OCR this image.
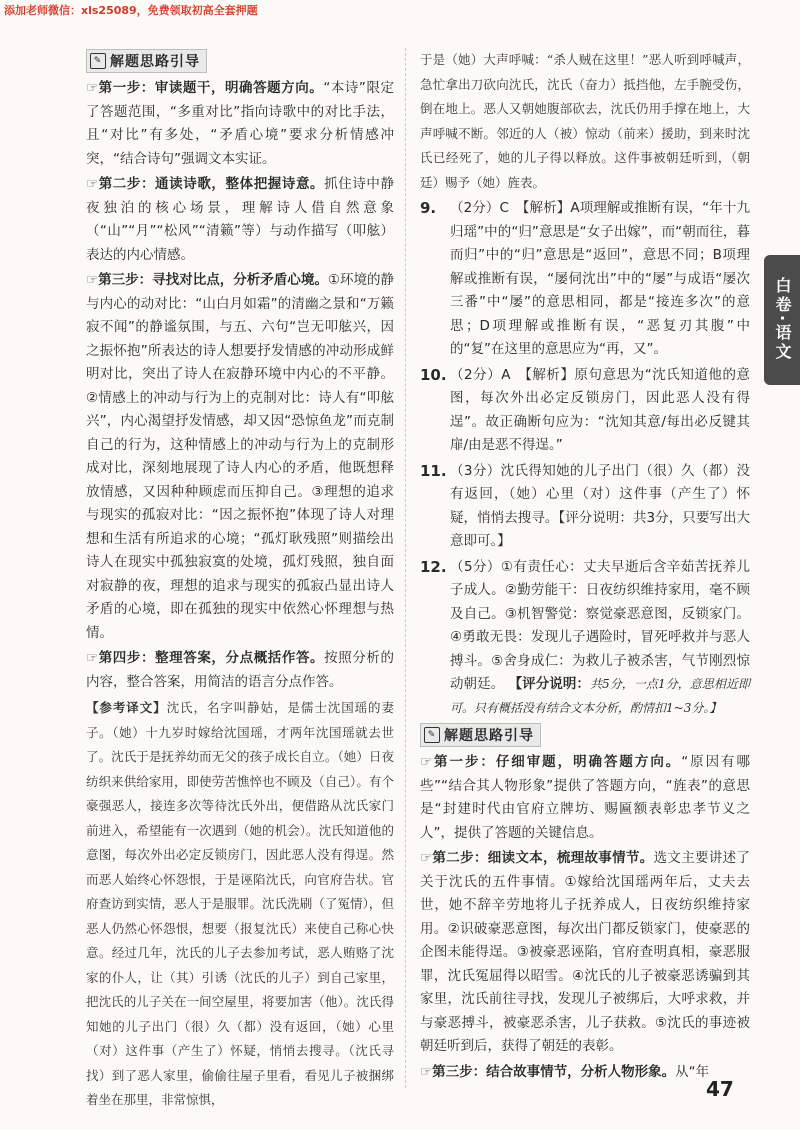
添加老师微信：xls25089，免费领取初高全套押题
✎ 解题思路引导

☞第一步：审读题干，明确答题方向。“本诗”限定了答题范围，“多重对比”指向诗歌中的对比手法，且“对比”有多处，“矛盾心境”要求分析情感冲突，“结合诗句”强调文本实证。

☞第二步：通读诗歌，整体把握诗意。抓住诗中静夜独泊的核心场景，理解诗人借自然意象（“山”“月”“松风”“清籁”等）与动作描写（叩舷）表达的内心情感。

☞第三步：寻找对比点，分析矛盾心境。①环境的静与内心的动对比：“山白月如霜”的清幽之景和“万籁寂不闻”的静谧氛围，与五、六句“岂无叩舷兴，因之振怀抱”所表达的诗人想要抒发情感的冲动形成鲜明对比，突出了诗人在寂静环境中内心的不平静。②情感上的冲动与行为上的克制对比：诗人有“叩舷兴”，内心渴望抒发情感，却又因“恐惊鱼龙”而克制自己的行为，这种情感上的冲动与行为上的克制形成对比，深刻地展现了诗人内心的矛盾，他既想释放情感，又因种种顾虑而压抑自己。③理想的追求与现实的孤寂对比：“因之振怀抱”体现了诗人对理想和生活有所追求的心境；“孤灯耿残照”则描绘出诗人在现实中孤独寂寞的处境，孤灯残照，独自面对寂静的夜，理想的追求与现实的孤寂凸显出诗人矛盾的心境，即在孤独的现实中依然心怀理想与热情。

☞第四步：整理答案，分点概括作答。按照分析的内容，整合答案，用简洁的语言分点作答。

【参考译文】沈氏，名字叫静姑，是儒士沈国瑶的妻子。（她）十九岁时嫁给沈国瑶，才两年沈国瑶就去世了。沈氏于是抚养幼而无父的孩子成长自立。（她）日夜纺织来供给家用，即使劳苦憔悴也不顾及（自己）。有个豪强恶人，接连多次等待沈氏外出，便借路从沈氏家门前进入，希望能有一次遇到（她的机会）。沈氏知道他的意图，每次外出必定反锁房门，因此恶人没有得逞。然而恶人始终心怀怨恨，于是诬陷沈氏，向官府告状。官府查访到实情，恶人于是服罪。沈氏洗刷（了冤情），但恶人仍然心怀怨恨，想要（报复沈氏）来使自己称心快意。经过几年，沈氏的儿子去参加考试，恶人贿赂了沈家的仆人，让（其）引诱（沈氏的儿子）到自己家里，把沈氏的儿子关在一间空屋里，将要加害（他）。沈氏得知她的儿子出门（很）久（都）没有返回，（她）心里（对）这件事（产生了）怀疑，悄悄去搜寻。（沈氏寻找）到了恶人家里，偷偷往屋子里看，看见儿子被捆绑着坐在那里，非常惊惧，

于是（她）大声呼喊：“杀人贼在这里！”恶人听到呼喊声，急忙拿出刀砍向沈氏，沈氏（奋力）抵挡他，左手腕受伤，倒在地上。恶人又朝她腹部砍去，沈氏仍用手撑在地上，大声呼喊不断。邻近的人（被）惊动（前来）援助，到来时沈氏已经死了，她的儿子得以释放。这件事被朝廷听到，（朝廷）赐予（她）旌表。

9.	（2分）C　【解析】A项理解或推断有误，“年十九归瑶”中的“归”意思是“女子出嫁”，而“朝而往，暮而归”中的“归”意思是“返回”，意思不同；B项理解或推断有误，“屡伺沈出”中的“屡”与成语“屡次三番”中“屡”的意思相同，都是“接连多次”的意思；D项理解或推断有误，“恶复刃其腹”中的“复”在这里的意思应为“再，又”。
10. （2分）A　【解析】原句意思为“沈氏知道他的意图，每次外出必定反锁房门，因此恶人没有得逞”。故正确断句应为：“沈知其意/每出必反键其扉/由是恶不得逞。”
11. （3分）沈氏得知她的儿子出门（很）久（都）没有返回，（她）心里（对）这件事（产生了）怀疑，悄悄去搜寻。【评分说明：共3分，只要写出大意即可。】
12. （5分）①有责任心：丈夫早逝后含辛茹苦抚养儿子成人。②勤劳能干：日夜纺织维持家用，毫不顾及自己。③机智警觉：察觉豪恶意图，反锁家门。④勇敢无畏：发现儿子遇险时，冒死呼救并与恶人搏斗。⑤舍身成仁：为救儿子被杀害，气节刚烈惊动朝廷。 【评分说明：共5分，一点1分，意思相近即可。只有概括没有结合文本分析，酌情扣1~3分。】
✎ 解题思路引导

☞第一步：仔细审题，明确答题方向。“原因有哪些”“结合其人物形象”提供了答题方向，“旌表”的意思是“封建时代由官府立牌坊、赐匾额表彰忠孝节义之人”，提供了答题的关键信息。

☞第二步：细读文本，梳理故事情节。选文主要讲述了关于沈氏的五件事情。①嫁给沈国瑶两年后，丈夫去世，她不辞辛劳地将儿子抚养成人，日夜纺织维持家用。②识破豪恶意图，每次出门都反锁家门，使豪恶的企图未能得逞。③被豪恶诬陷，官府查明真相，豪恶服罪，沈氏冤屈得以昭雪。④沈氏的儿子被豪恶诱骗到其家里，沈氏前往寻找，发现儿子被绑后，大呼求救，并与豪恶搏斗，被豪恶杀害，儿子获救。⑤沈氏的事迹被朝廷听到后，获得了朝廷的表彰。

☞第三步：结合故事情节，分析人物形象。从“年

白卷·语文
47
